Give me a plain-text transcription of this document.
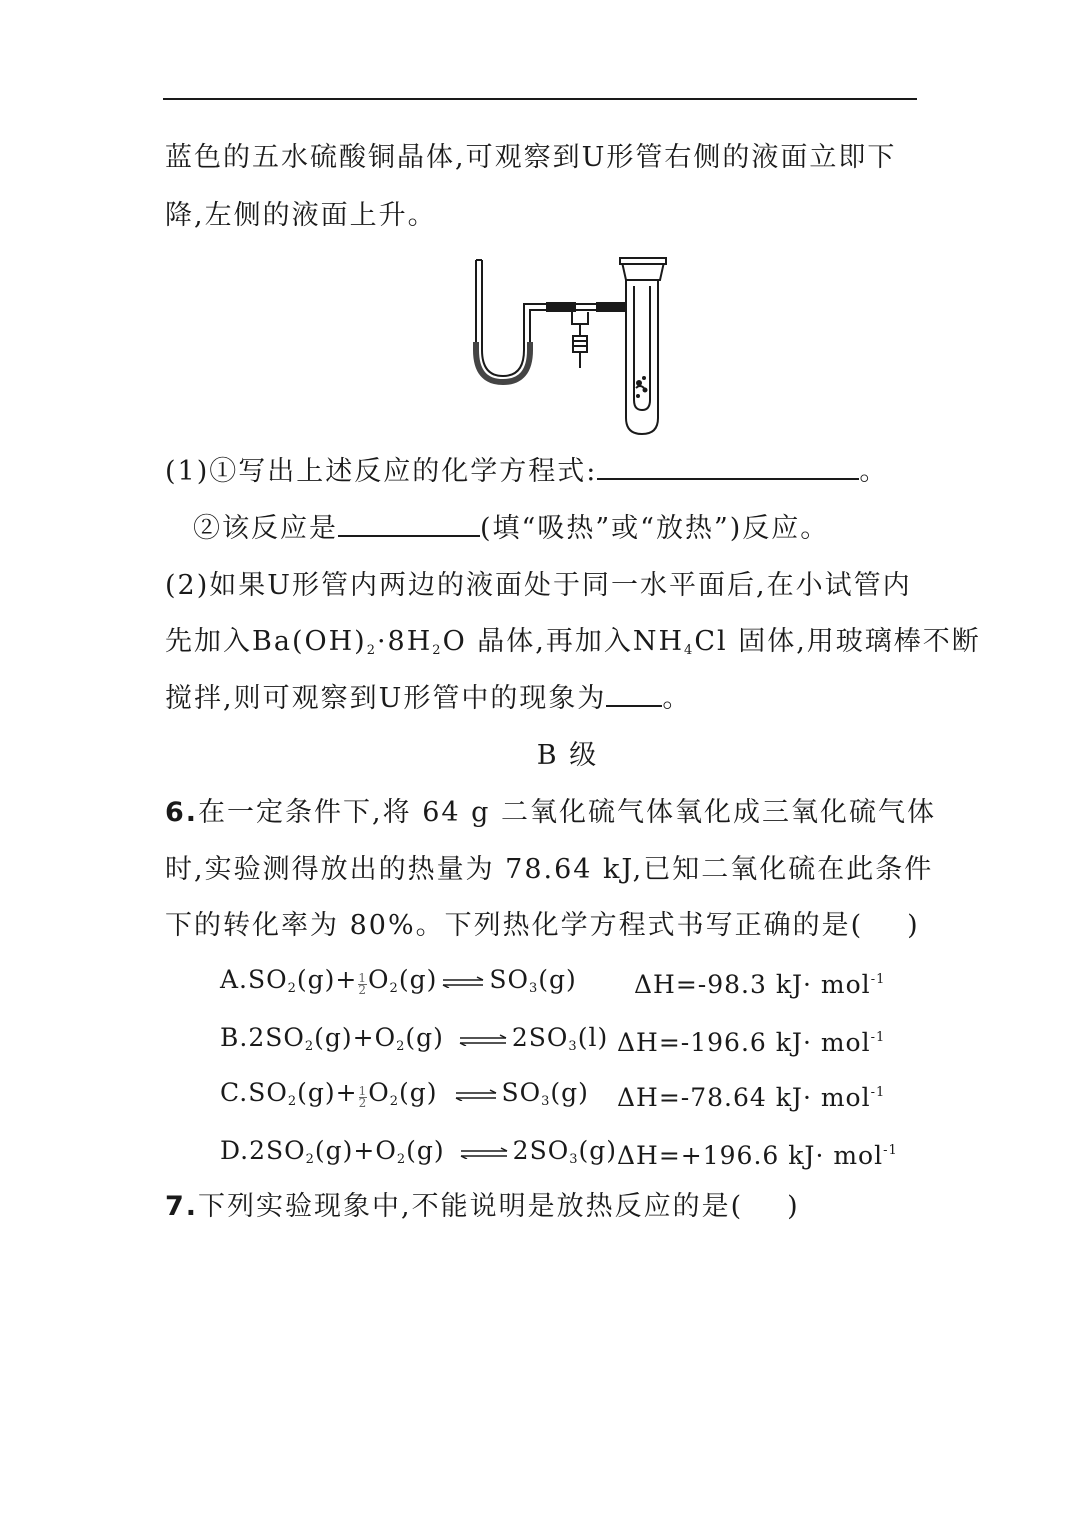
蓝色的五水硫酸铜晶体,可观察到U形管右侧的液面立即下
降,左侧的液面上升。
(1)①写出上述反应的化学方程式:	。
②该反应是	(填“吸热”或“放热”)反应。
(2)如果U形管内两边的液面处于同一水平面后,在小试管内
先加入$Ba(OH)_2\cdot 8H_2O$ 晶体,再加入$NH_4Cl$ 固体,用玻璃棒不断
搅拌,则可观察到U形管中的现象为 。
B 级
6.在一定条件下,将 64 g 二氧化硫气体氧化成三氧化硫气体
时,实验测得放出的热量为 78.64 kJ,已知二氧化硫在此条件
下的转化率为 80%。下列热化学方程式书写正确的是( )
$A.SO_2(g)+ \frac{1}{2} O_2(g)$ ⇌ $SO_3(g)$ ΔH=-98.3 kJ· mol$^{-1}$
$B.2SO_2(g)+O_2(g)$ ⇌ $2SO_3(l)$ ΔH=-196.6 kJ· mol$^{-1}$
$C.SO_2(g)+ \frac{1}{2} O_2(g)$ ⇌ $SO_3(g)$ ΔH=-78.64 kJ· mol$^{-1}$
$D.2SO_2(g)+O_2(g)$ ⇌ $2SO_3(g)$ ΔH=+196.6 kJ· mol$^{-1}$
7.下列实验现象中,不能说明是放热反应的是( )
